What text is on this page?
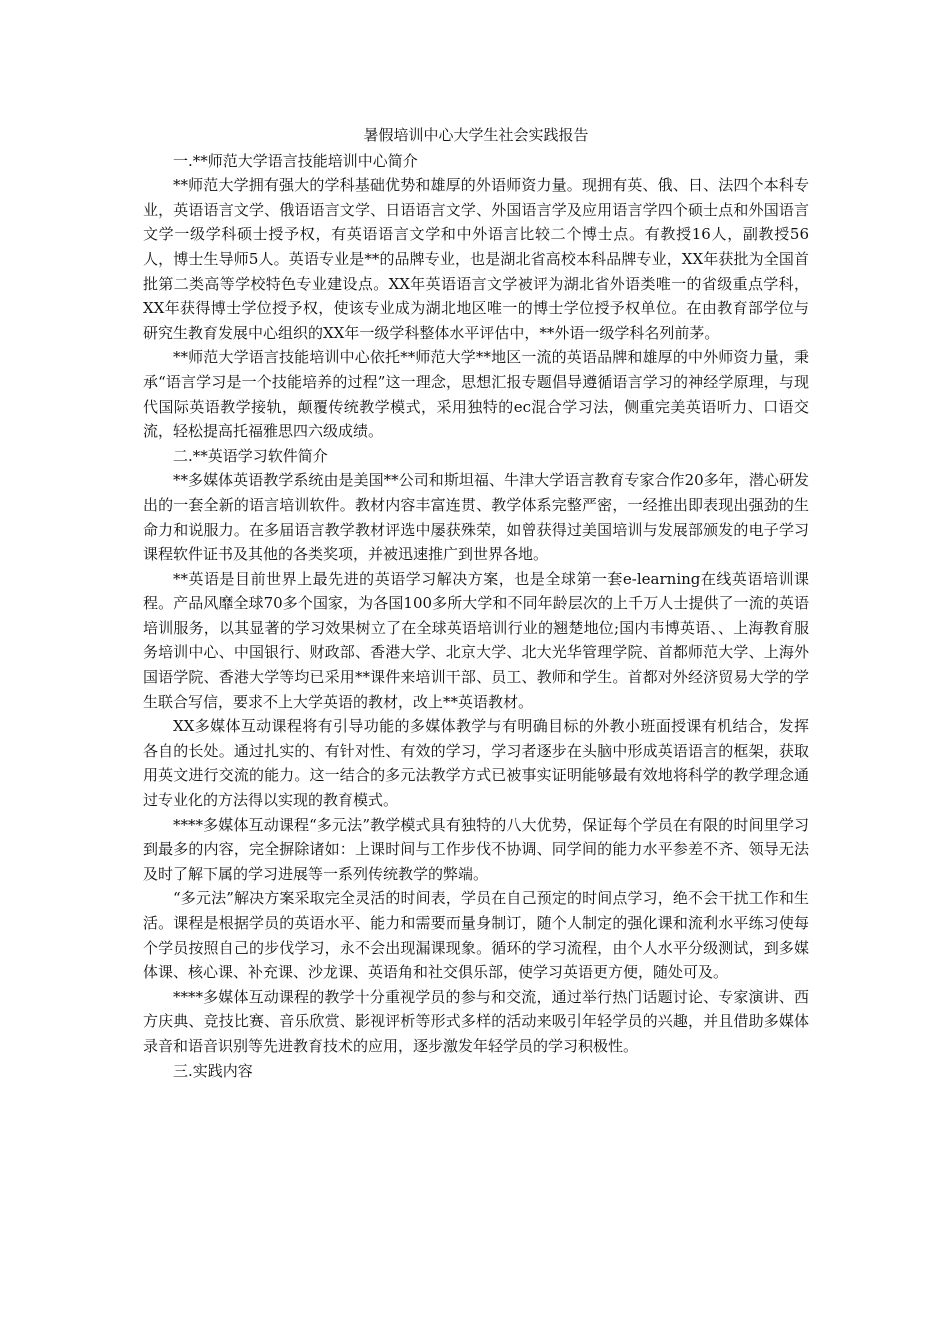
暑假培训中心大学生社会实践报告

一.**师范大学语言技能培训中心简介

**师范大学拥有强大的学科基础优势和雄厚的外语师资力量。现拥有英、俄、日、法四个本科专业，英语语言文学、俄语语言文学、日语语言文学、外国语言学及应用语言学四个硕士点和外国语言文学一级学科硕士授予权，有英语语言文学和中外语言比较二个博士点。有教授16人，副教授56人，博士生导师5人。英语专业是**的品牌专业，也是湖北省高校本科品牌专业，XX年获批为全国首批第二类高等学校特色专业建设点。XX年英语语言文学被评为湖北省外语类唯一的省级重点学科，XX年获得博士学位授予权，使该专业成为湖北地区唯一的博士学位授予权单位。在由教育部学位与研究生教育发展中心组织的XX年一级学科整体水平评估中，**外语一级学科名列前茅。

**师范大学语言技能培训中心依托**师范大学**地区一流的英语品牌和雄厚的中外师资力量，秉承“语言学习是一个技能培养的过程”这一理念，思想汇报专题倡导遵循语言学习的神经学原理，与现代国际英语教学接轨，颠覆传统教学模式，采用独特的ec混合学习法，侧重完美英语听力、口语交流，轻松提高托福雅思四六级成绩。

二.**英语学习软件简介

**多媒体英语教学系统由是美国**公司和斯坦福、牛津大学语言教育专家合作20多年，潜心研发出的一套全新的语言培训软件。教材内容丰富连贯、教学体系完整严密，一经推出即表现出强劲的生命力和说服力。在多届语言教学教材评选中屡获殊荣，如曾获得过美国培训与发展部颁发的电子学习课程软件证书及其他的各类奖项，并被迅速推广到世界各地。

**英语是目前世界上最先进的英语学习解决方案，也是全球第一套e-learning在线英语培训课程。产品风靡全球70多个国家，为各国100多所大学和不同年龄层次的上千万人士提供了一流的英语培训服务，以其显著的学习效果树立了在全球英语培训行业的翘楚地位;国内韦博英语、、上海教育服务培训中心、中国银行、财政部、香港大学、北京大学、北大光华管理学院、首都师范大学、上海外国语学院、香港大学等均已采用**课件来培训干部、员工、教师和学生。首都对外经济贸易大学的学生联合写信，要求不上大学英语的教材，改上**英语教材。

XX多媒体互动课程将有引导功能的多媒体教学与有明确目标的外教小班面授课有机结合，发挥各自的长处。通过扎实的、有针对性、有效的学习，学习者逐步在头脑中形成英语语言的框架，获取用英文进行交流的能力。这一结合的多元法教学方式已被事实证明能够最有效地将科学的教学理念通过专业化的方法得以实现的教育模式。

****多媒体互动课程“多元法”教学模式具有独特的八大优势，保证每个学员在有限的时间里学习到最多的内容，完全摒除诸如：上课时间与工作步伐不协调、同学间的能力水平参差不齐、领导无法及时了解下属的学习进展等一系列传统教学的弊端。

“多元法”解决方案采取完全灵活的时间表，学员在自己预定的时间点学习，绝不会干扰工作和生活。课程是根据学员的英语水平、能力和需要而量身制订，随个人制定的强化课和流利水平练习使每个学员按照自己的步伐学习，永不会出现漏课现象。循环的学习流程，由个人水平分级测试，到多媒体课、核心课、补充课、沙龙课、英语角和社交俱乐部，使学习英语更方便，随处可及。

****多媒体互动课程的教学十分重视学员的参与和交流，通过举行热门话题讨论、专家演讲、西方庆典、竞技比赛、音乐欣赏、影视评析等形式多样的活动来吸引年轻学员的兴趣，并且借助多媒体录音和语音识别等先进教育技术的应用，逐步激发年轻学员的学习积极性。

三.实践内容
